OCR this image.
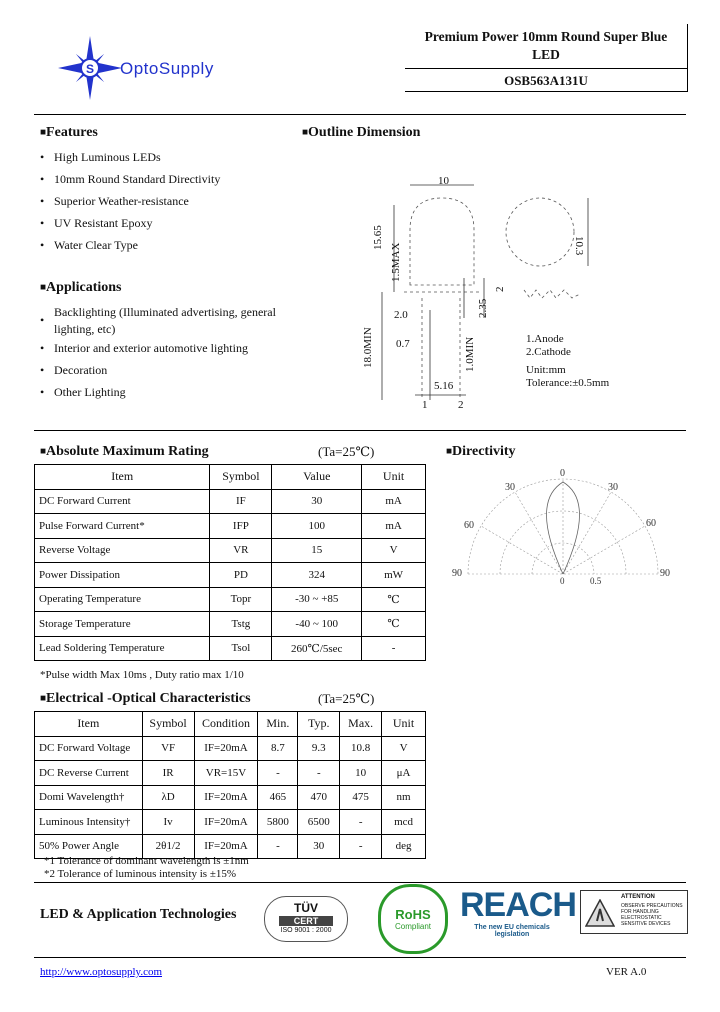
S OptoSupply
Premium Power 10mm Round Super Blue
LED
OSB563A131U
■Features
• High Luminous LEDs
• 10mm Round Standard Directivity
• Superior Weather-resistance
• UV Resistant Epoxy
• Water Clear Type
■Applications
•
Backlighting (Illuminated advertising, general
lighting, etc)
• Interior and exterior automotive lighting
• Decoration
• Other Lighting
■Outline Dimension
10
15.65
1.5MAX
18.0MIN	1.0MIN
2.0
0.7
5.16
2.35
2
10.3
1	2
1.Anode
2.Cathode
Unit:mm
Tolerance:±0.5mm
■Absolute Maximum Rating	(Ta=25℃)
Item	Symbol	Value	Unit
DC Forward Current	IF	30	mA
Pulse Forward Current*	IFP	100	mA
Reverse Voltage	VR	15	V
Power Dissipation	PD	324	mW
Operating Temperature	Topr	-30 ~ +85	℃
Storage Temperature	Tstg	-40 ~ 100	℃
Lead Soldering Temperature	Tsol	260℃/5sec	-
*Pulse width Max 10ms , Duty ratio max 1/10
■Directivity
0
30	30
60	60
90	90
0.5
0
■Electrical -Optical Characteristics	(Ta=25℃)
Item	Symbol	Condition	Min.	Typ.	Max.	Unit
DC Forward Voltage	VF	IF=20mA	8.7	9.3	10.8	V
DC Reverse Current	IR	VR=15V	-	-	10	μA
Domi Wavelength†	λD	IF=20mA	465	470	475	nm
Luminous Intensity†	Iv	IF=20mA	5800	6500	-	mcd
50% Power Angle	2θ1/2	IF=20mA	-	30	-	deg
*1 Tolerance of dominant wavelength is ±1nm
*2 Tolerance of luminous intensity is ±15%
LED & Application Technologies	TÜV
CERT
ISO 9001 : 2000
RoHS
Compliant
REACH
The new EU chemicals legislation
ATTENTION
OBSERVE PRECAUTIONS FOR HANDLING ELECTROSTATIC SENSITIVE DEVICES
http://www.optosupply.com	VER A.0
